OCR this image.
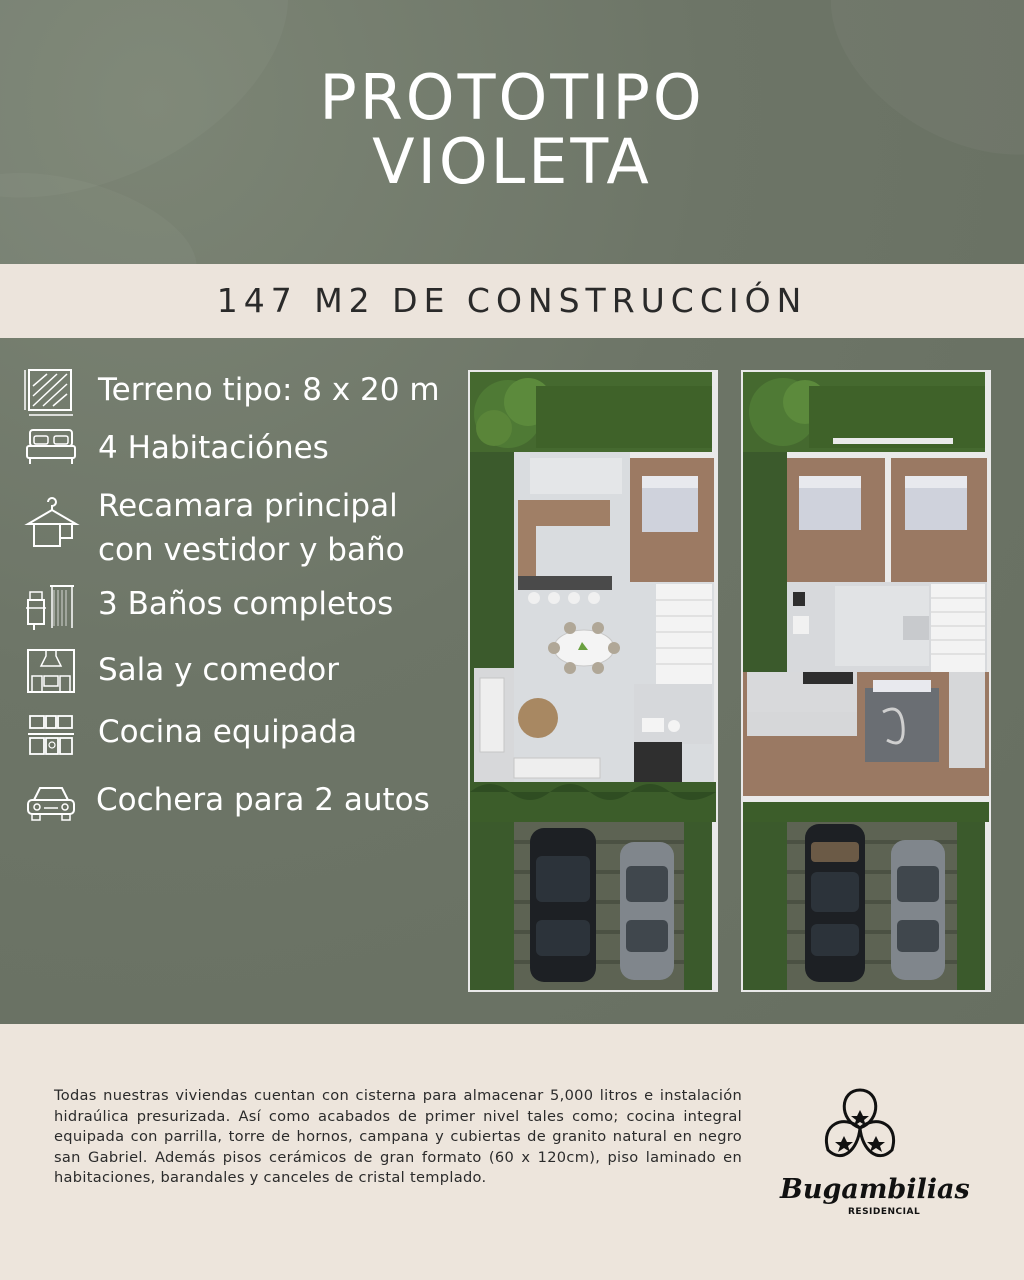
PROTOTIPO
VIOLETA
147 M2 DE CONSTRUCCIÓN
Terreno tipo: 8 x 20 m
4 Habitaciónes
Recamara principal
con vestidor y baño
3 Baños completos
Sala y comedor
Cocina equipada
Cochera para 2 autos

Todas nuestras viviendas cuentan con cisterna para almacenar 5,000 litros e instalación hidraúlica presurizada. Así como acabados de primer nivel tales como; cocina integral equipada con parrilla, torre de hornos, campana y cubiertas de granito natural en negro san Gabriel. Además pisos cerámicos de gran formato (60 x 120cm), piso laminado en habitaciones, barandales y canceles de cristal templado.	Bugambilias
RESIDENCIAL
